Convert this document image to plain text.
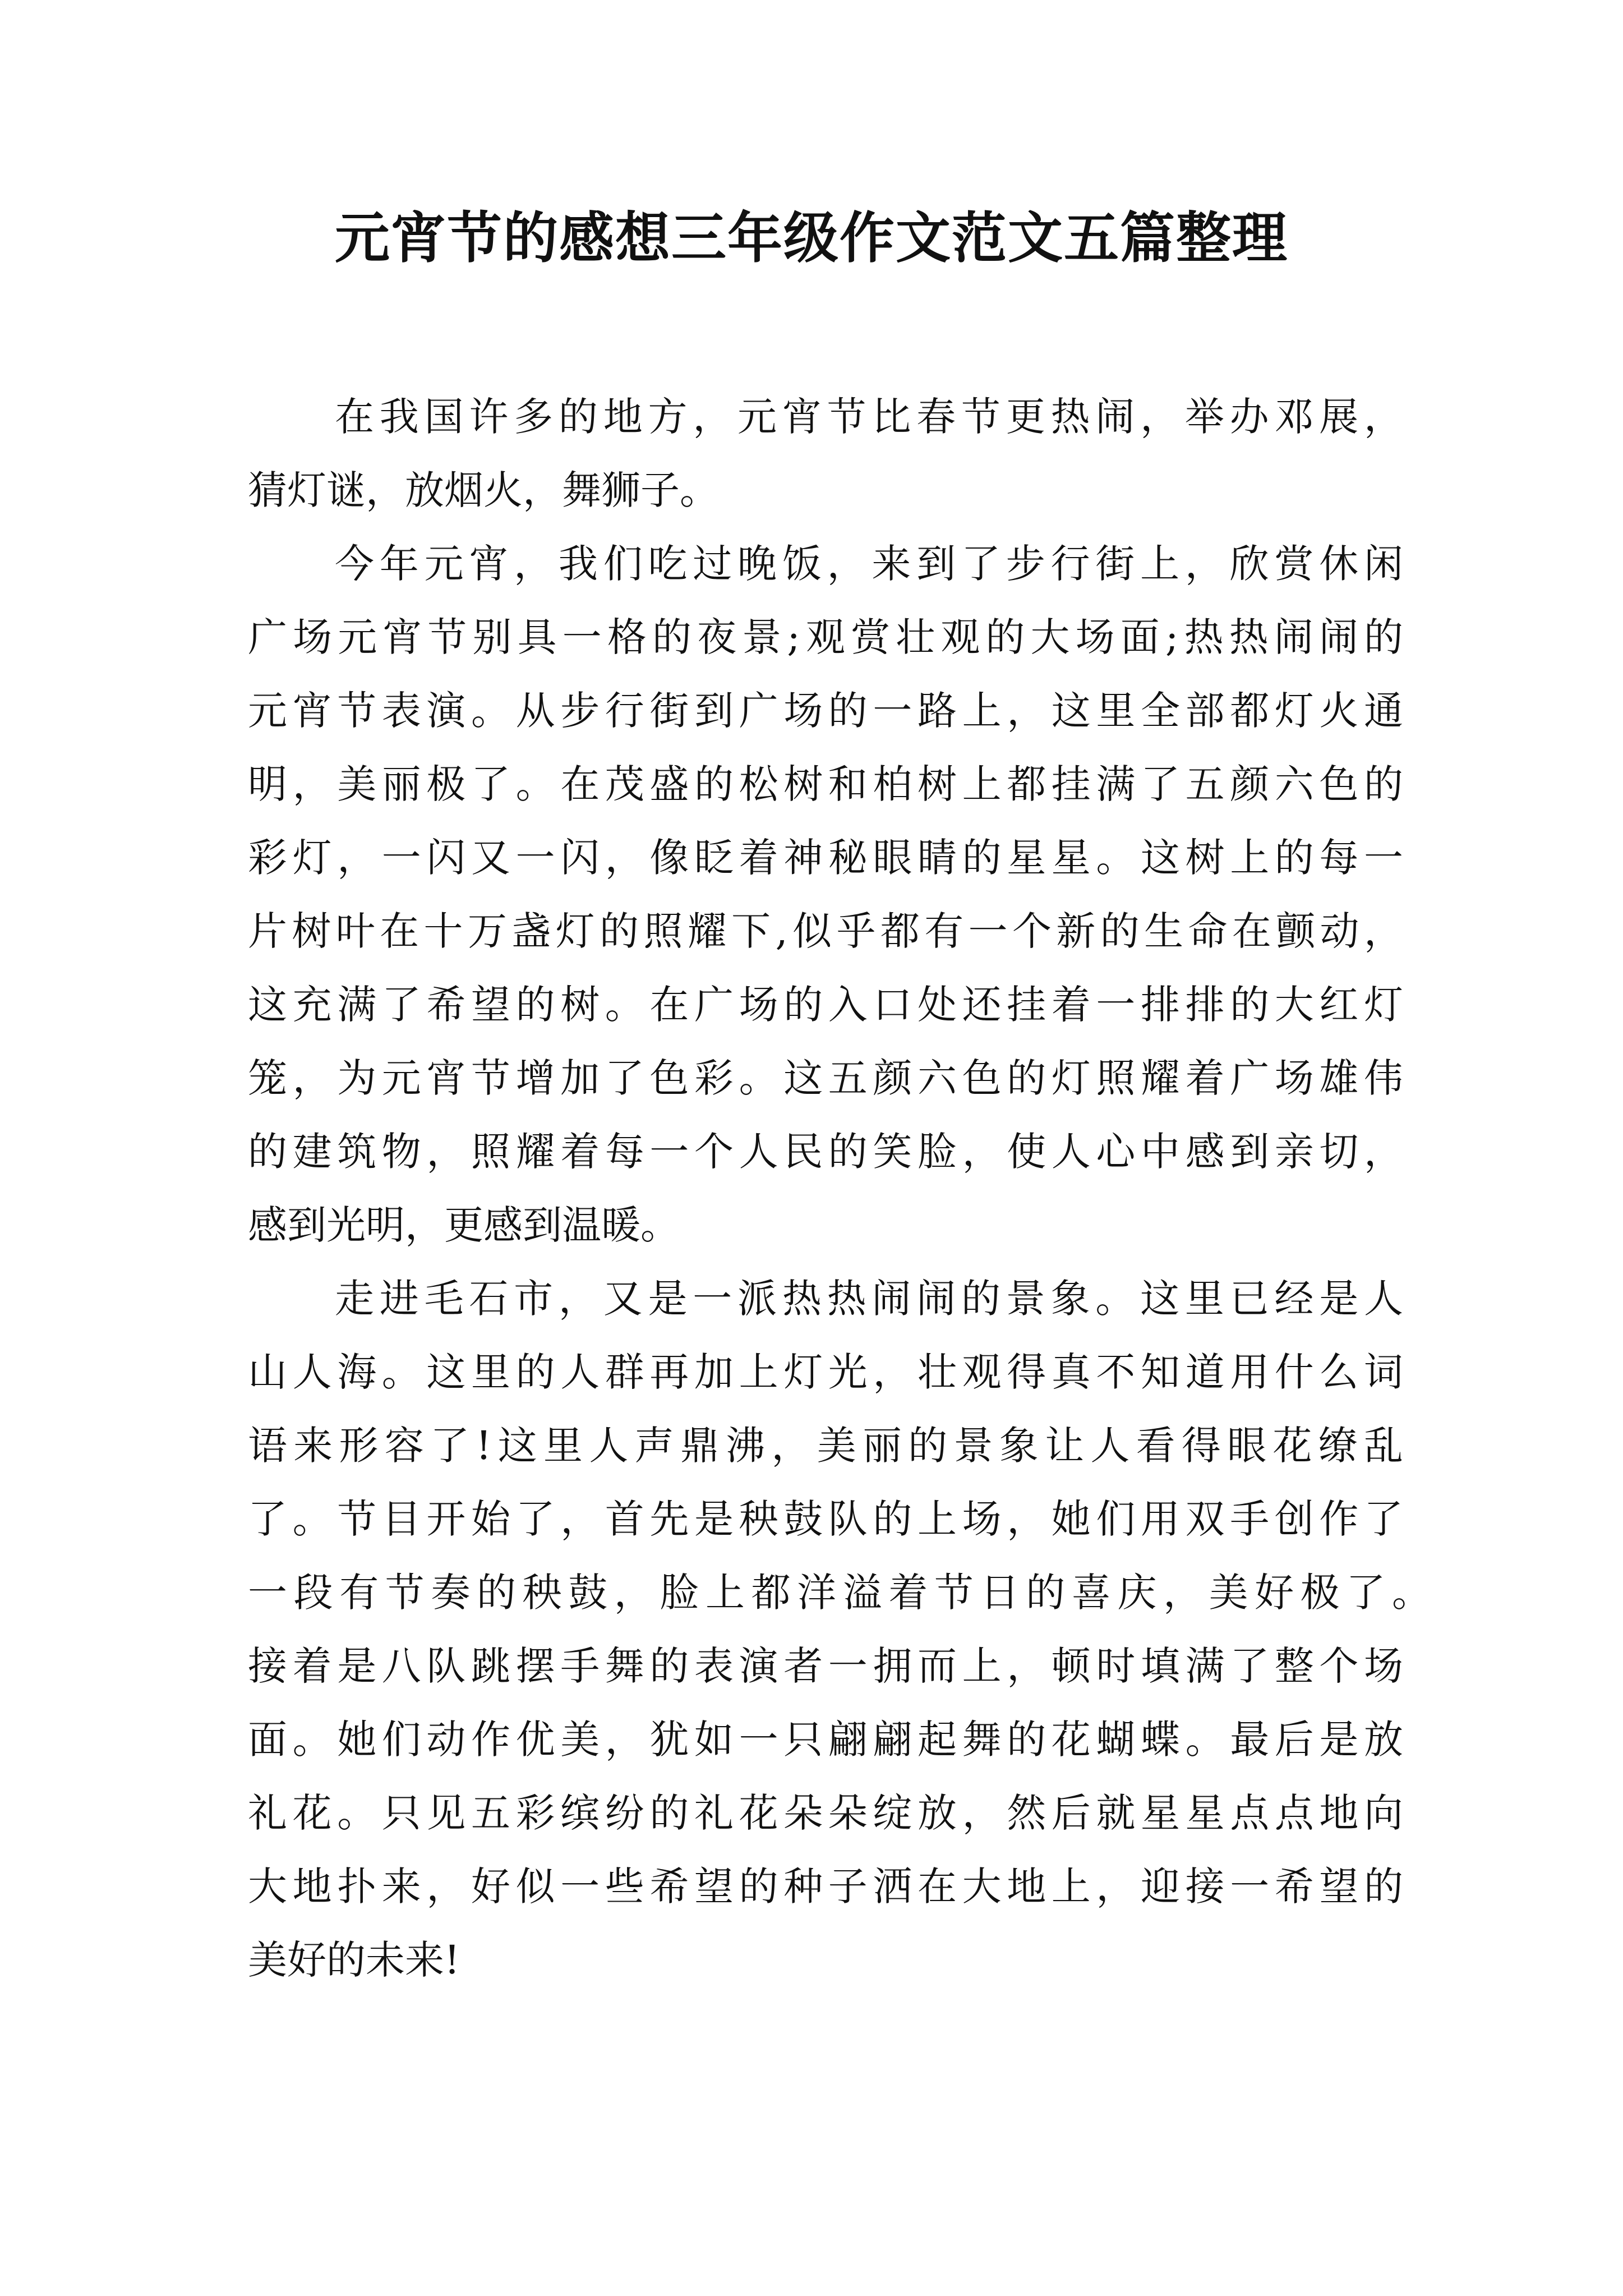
元宵节的感想三年级作文范文五篇整理
在我国许多的地方，元宵节比春节更热闹，举办邓展，
猜灯谜，放烟火，舞狮子。
今年元宵，我们吃过晚饭，来到了步行街上，欣赏休闲
广场元宵节别具一格的夜景;观赏壮观的大场面;热热闹闹的
元宵节表演。从步行街到广场的一路上，这里全部都灯火通
明，美丽极了。在茂盛的松树和柏树上都挂满了五颜六色的
彩灯，一闪又一闪，像眨着神秘眼睛的星星。这树上的每一
片树叶在十万盏灯的照耀下,似乎都有一个新的生命在颤动，
这充满了希望的树。在广场的入口处还挂着一排排的大红灯
笼，为元宵节增加了色彩。这五颜六色的灯照耀着广场雄伟
的建筑物，照耀着每一个人民的笑脸，使人心中感到亲切，
感到光明，更感到温暖。
走进毛石市，又是一派热热闹闹的景象。这里已经是人
山人海。这里的人群再加上灯光，壮观得真不知道用什么词
语来形容了!这里人声鼎沸，美丽的景象让人看得眼花缭乱
了。节目开始了，首先是秧鼓队的上场，她们用双手创作了
一段有节奏的秧鼓，脸上都洋溢着节日的喜庆，美好极了。
接着是八队跳摆手舞的表演者一拥而上，顿时填满了整个场
面。她们动作优美，犹如一只翩翩起舞的花蝴蝶。最后是放
礼花。只见五彩缤纷的礼花朵朵绽放，然后就星星点点地向
大地扑来，好似一些希望的种子洒在大地上，迎接一希望的
美好的未来!
